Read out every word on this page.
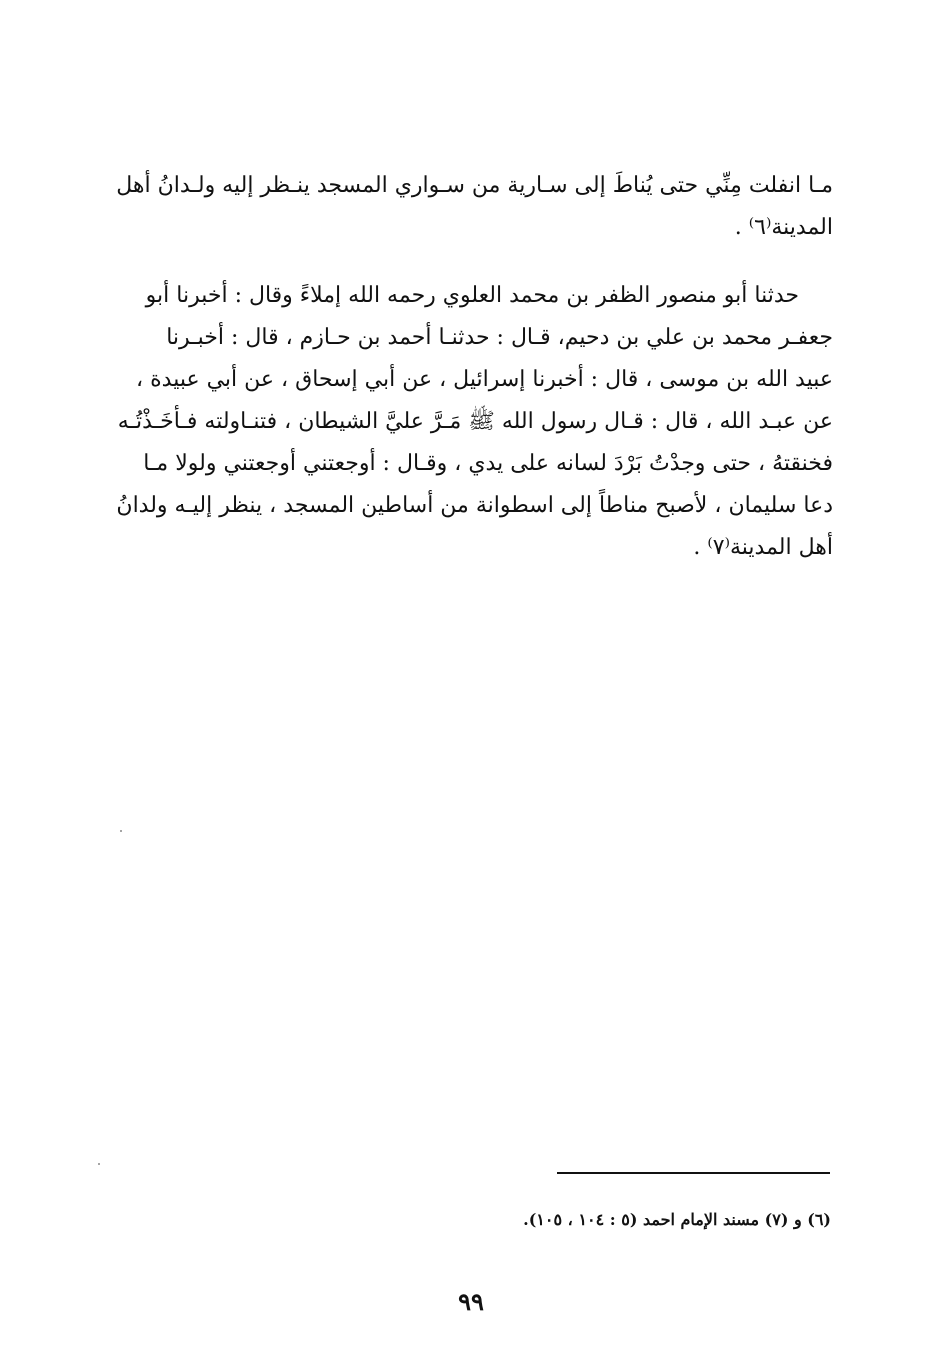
مـا انفلت مِنِّي حتى يُناطَ إلى سـارية من سـواري المسجد ينـظر إليه ولـدانُ أهل
المدينة⁽٦⁾ .
حدثنا أبو منصور الظفر بن محمد العلوي رحمه الله إملاءً وقال : أخبرنا أبو
جعفـر محمد بن علي بن دحيم، قـال : حدثنـا أحمد بن حـازم ، قال : أخبـرنا
عبيد الله بن موسى ، قال : أخبرنا إسرائيل ، عن أبي إسحاق ، عن أبي عبيدة ،
عن عبـد الله ، قال : قـال رسول الله ﷺ مَـرَّ عليَّ الشيطان ، فتنـاولته فـأخَـذْتُـه
فخنقتهُ ، حتى وجدْتُ بَرْدَ لسانه على يدي ، وقـال : أوجعتني أوجعتني ولولا مـا
دعا سليمان ، لأصبح مناطاً إلى اسطوانة من أساطين المسجد ، ينظر إليـه ولدانُ
أهل المدينة⁽٧⁾ .
(٦) و (٧) مسند الإمام احمد (٥ : ١٠٤ ، ١٠٥).
٩٩
